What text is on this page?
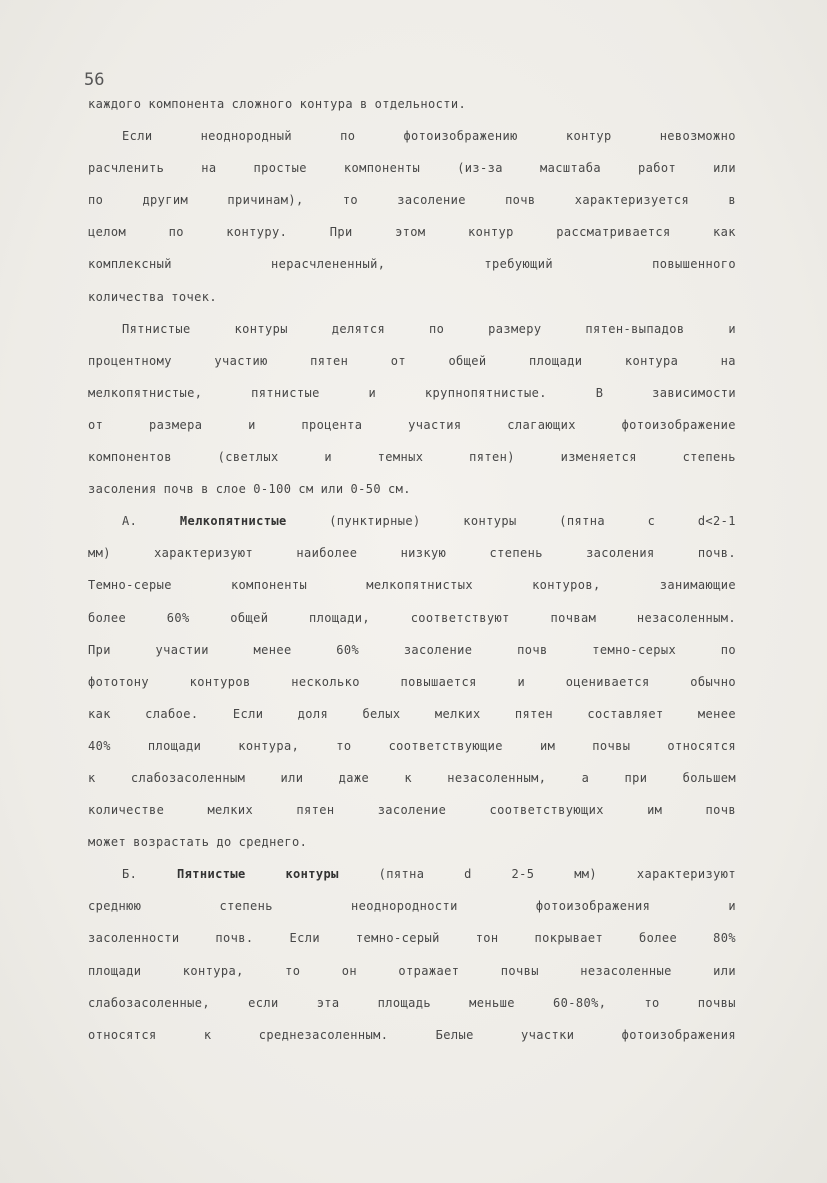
56
каждого компонента сложного контура в отдельности.
Если	неоднородный	по	фотоизображению	контур	невозможно
расчленить	на	простые	компоненты	(из-за	масштаба	работ	или
по	другим	причинам),	то	засоление	почв	характеризуется	в
целом	по	контуру.	При	этом	контур	рассматривается	как
комплексный	нерасчлененный,	требующий	повышенного
количества точек.
Пятнистые	контуры	делятся	по	размеру	пятен-выпадов	и
процентному	участию	пятен	от	общей	площади	контура	на
мелкопятнистые,	пятнистые	и	крупнопятнистые.	В	зависимости
от	размера	и	процента	участия	слагающих	фотоизображение
компонентов	(светлых	и	темных	пятен)	изменяется	степень
засоления почв в слое 0-100 см или 0-50 см.
А.	Мелкопятнистые	(пунктирные)	контуры	(пятна	с	d<2-1
мм)	характеризуют	наиболее	низкую	степень	засоления	почв.
Темно-серые	компоненты	мелкопятнистых	контуров,	занимающие
более	60%	общей	площади,	соответствуют	почвам	незасоленным.
При	участии	менее	60%	засоление	почв	темно-серых	по
фототону	контуров	несколько	повышается	и	оценивается	обычно
как	слабое.	Если	доля	белых	мелких	пятен	составляет	менее
40%	площади	контура,	то	соответствующие	им	почвы	относятся
к	слабозасоленным	или	даже	к	незасоленным,	а	при	большем
количестве	мелких	пятен	засоление	соответствующих	им	почв
может возрастать до среднего.
Б.	Пятнистые	контуры	(пятна	d	2-5	мм)	характеризуют
среднюю	степень	неоднородности	фотоизображения	и
засоленности	почв.	Если	темно-серый	тон	покрывает	более	80%
площади	контура,	то	он	отражает	почвы	незасоленные	или
слабозасоленные,	если	эта	площадь	меньше	60-80%,	то	почвы
относятся	к	среднезасоленным.	Белые	участки	фотоизображения
